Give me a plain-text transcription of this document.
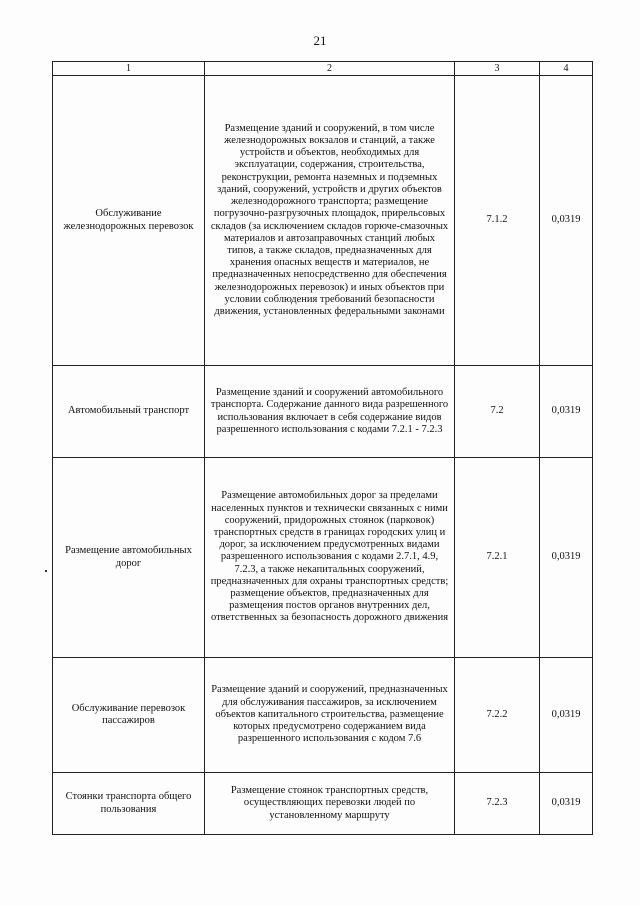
21
1	2	3	4
Обслуживание железнодорожных перевозок	Размещение зданий и сооружений, в том числе железнодорожных вокзалов и станций, а также устройств и объектов, необходимых для эксплуатации, содержания, строительства, реконструкции, ремонта наземных и подземных зданий, сооружений, устройств и других объектов железнодорожного транспорта; размещение погрузочно-разгрузочных площадок, прирельсовых складов (за исключением складов горюче-смазочных материалов и автозаправочных станций любых типов, а также складов, предназначенных для хранения опасных веществ и материалов, не предназначенных непосредственно для обеспечения железнодорожных перевозок) и иных объектов при условии соблюдения требований безопасности движения, установленных федеральными законами	7.1.2	0,0319
Автомобильный транспорт	Размещение зданий и сооружений автомобильного транспорта. Содержание данного вида разрешенного использования включает в себя содержание видов разрешенного использования с кодами 7.2.1 - 7.2.3	7.2	0,0319
Размещение автомобильных дорог	Размещение автомобильных дорог за пределами населенных пунктов и технически связанных с ними сооружений, придорожных стоянок (парковок) транспортных средств в границах городских улиц и дорог, за исключением предусмотренных видами разрешенного использования с кодами 2.7.1, 4.9, 7.2.3, а также некапитальных сооружений, предназначенных для охраны транспортных средств; размещение объектов, предназначенных для размещения постов органов внутренних дел, ответственных за безопасность дорожного движения	7.2.1	0,0319
Обслуживание перевозок пассажиров	Размещение зданий и сооружений, предназначенных для обслуживания пассажиров, за исключением объектов капитального строительства, размещение которых предусмотрено содержанием вида разрешенного использования с кодом 7.6	7.2.2	0,0319
Стоянки транспорта общего пользования	Размещение стоянок транспортных средств, осуществляющих перевозки людей по установленному маршруту	7.2.3	0,0319
